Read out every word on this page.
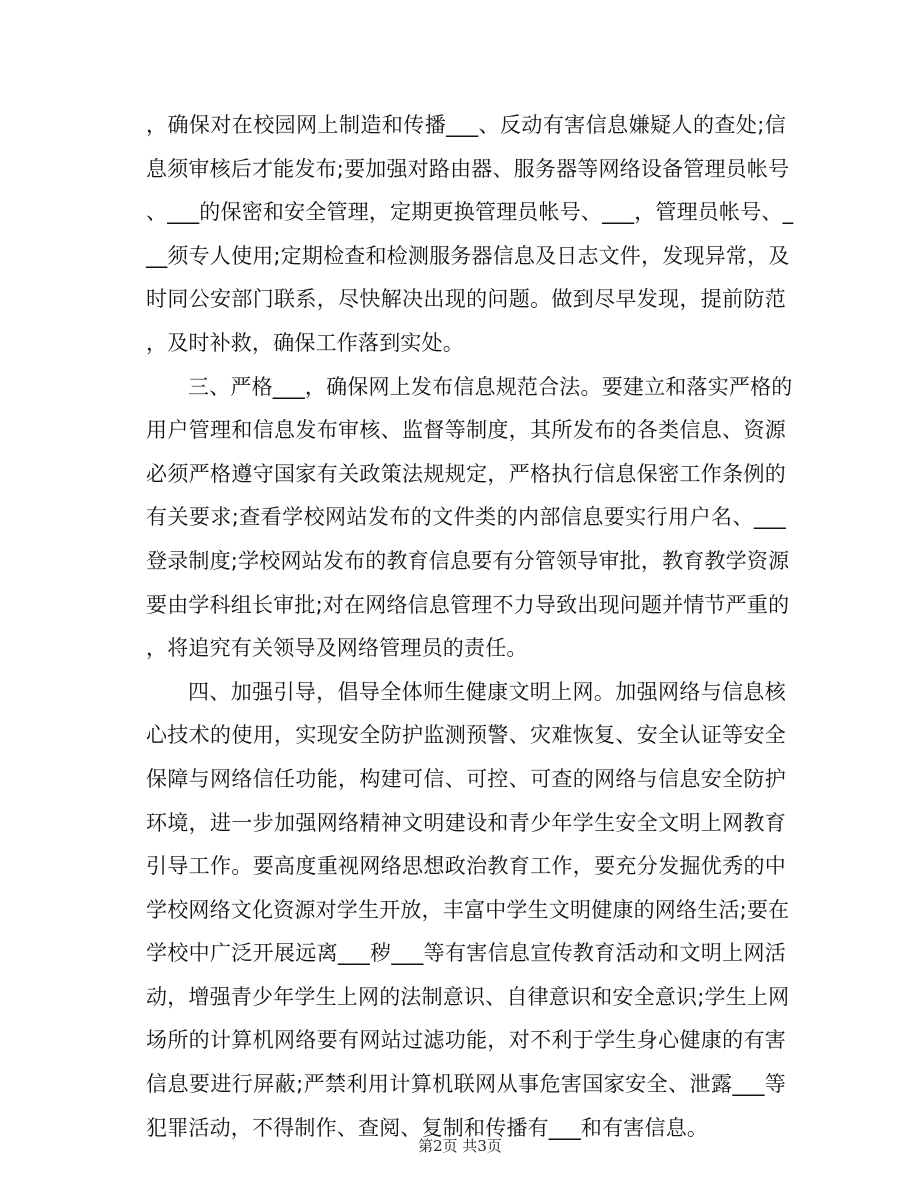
，确保对在校园网上制造和传播___、反动有害信息嫌疑人的查处;信
息须审核后才能发布;要加强对路由器、服务器等网络设备管理员帐号
、___的保密和安全管理，定期更换管理员帐号、___，管理员帐号、_
__须专人使用;定期检查和检测服务器信息及日志文件，发现异常，及
时同公安部门联系，尽快解决出现的问题。做到尽早发现，提前防范
，及时补救，确保工作落到实处。
三、严格___，确保网上发布信息规范合法。要建立和落实严格的
用户管理和信息发布审核、监督等制度，其所发布的各类信息、资源
必须严格遵守国家有关政策法规规定，严格执行信息保密工作条例的
有关要求;查看学校网站发布的文件类的内部信息要实行用户名、___
登录制度;学校网站发布的教育信息要有分管领导审批，教育教学资源
要由学科组长审批;对在网络信息管理不力导致出现问题并情节严重的
，将追究有关领导及网络管理员的责任。
四、加强引导，倡导全体师生健康文明上网。加强网络与信息核
心技术的使用，实现安全防护监测预警、灾难恢复、安全认证等安全
保障与网络信任功能，构建可信、可控、可查的网络与信息安全防护
环境，进一步加强网络精神文明建设和青少年学生安全文明上网教育
引导工作。要高度重视网络思想政治教育工作，要充分发掘优秀的中
学校网络文化资源对学生开放，丰富中学生文明健康的网络生活;要在
学校中广泛开展远离___秽___等有害信息宣传教育活动和文明上网活
动，增强青少年学生上网的法制意识、自律意识和安全意识;学生上网
场所的计算机网络要有网站过滤功能，对不利于学生身心健康的有害
信息要进行屏蔽;严禁利用计算机联网从事危害国家安全、泄露___等
犯罪活动，不得制作、查阅、复制和传播有___和有害信息。
第2页 共3页
